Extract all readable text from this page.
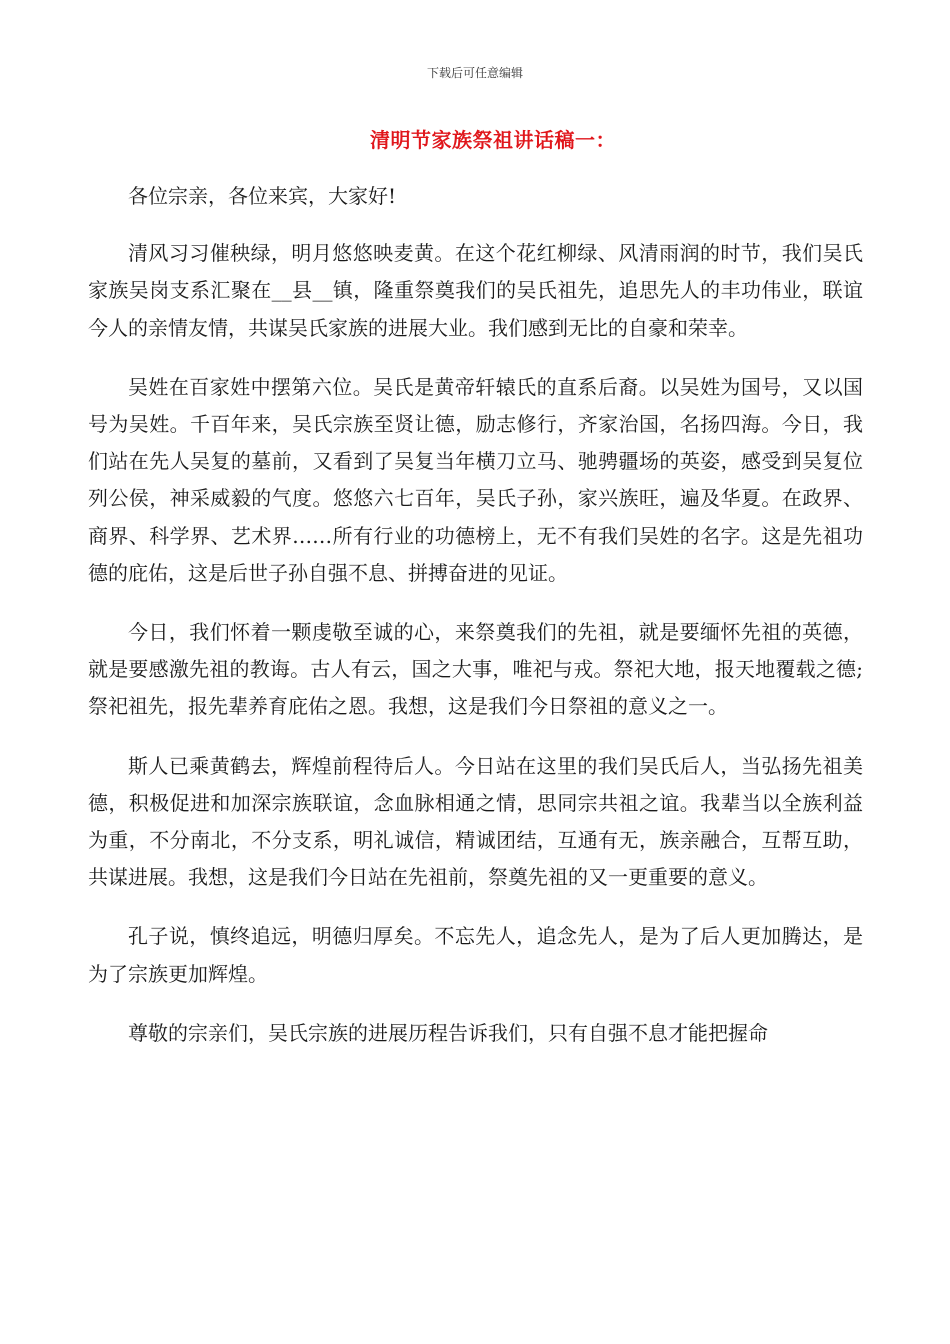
下载后可任意编辑
清明节家族祭祖讲话稿一：

各位宗亲，各位来宾，大家好!

清风习习催秧绿，明月悠悠映麦黄。在这个花红柳绿、风清雨润的时节，我们吴氏家族吴岗支系汇聚在__县__镇，隆重祭奠我们的吴氏祖先，追思先人的丰功伟业，联谊今人的亲情友情，共谋吴氏家族的进展大业。我们感到无比的自豪和荣幸。

吴姓在百家姓中摆第六位。吴氏是黄帝轩辕氏的直系后裔。以吴姓为国号，又以国号为吴姓。千百年来，吴氏宗族至贤让德，励志修行，齐家治国，名扬四海。今日，我们站在先人吴复的墓前，又看到了吴复当年横刀立马、驰骋疆场的英姿，感受到吴复位列公侯，神采威毅的气度。悠悠六七百年，吴氏子孙，家兴族旺，遍及华夏。在政界、商界、科学界、艺术界……所有行业的功德榜上，无不有我们吴姓的名字。这是先祖功德的庇佑，这是后世子孙自强不息、拼搏奋进的见证。

今日，我们怀着一颗虔敬至诚的心，来祭奠我们的先祖，就是要缅怀先祖的英德，就是要感激先祖的教诲。古人有云，国之大事，唯祀与戎。祭祀大地，报天地覆载之德;祭祀祖先，报先辈养育庇佑之恩。我想，这是我们今日祭祖的意义之一。

斯人已乘黄鹤去，辉煌前程待后人。今日站在这里的我们吴氏后人，当弘扬先祖美德，积极促进和加深宗族联谊，念血脉相通之情，思同宗共祖之谊。我辈当以全族利益为重，不分南北，不分支系，明礼诚信，精诚团结，互通有无，族亲融合，互帮互助，共谋进展。我想，这是我们今日站在先祖前，祭奠先祖的又一更重要的意义。

孔子说，慎终追远，明德归厚矣。不忘先人，追念先人，是为了后人更加腾达，是为了宗族更加辉煌。

尊敬的宗亲们，吴氏宗族的进展历程告诉我们，只有自强不息才能把握命
